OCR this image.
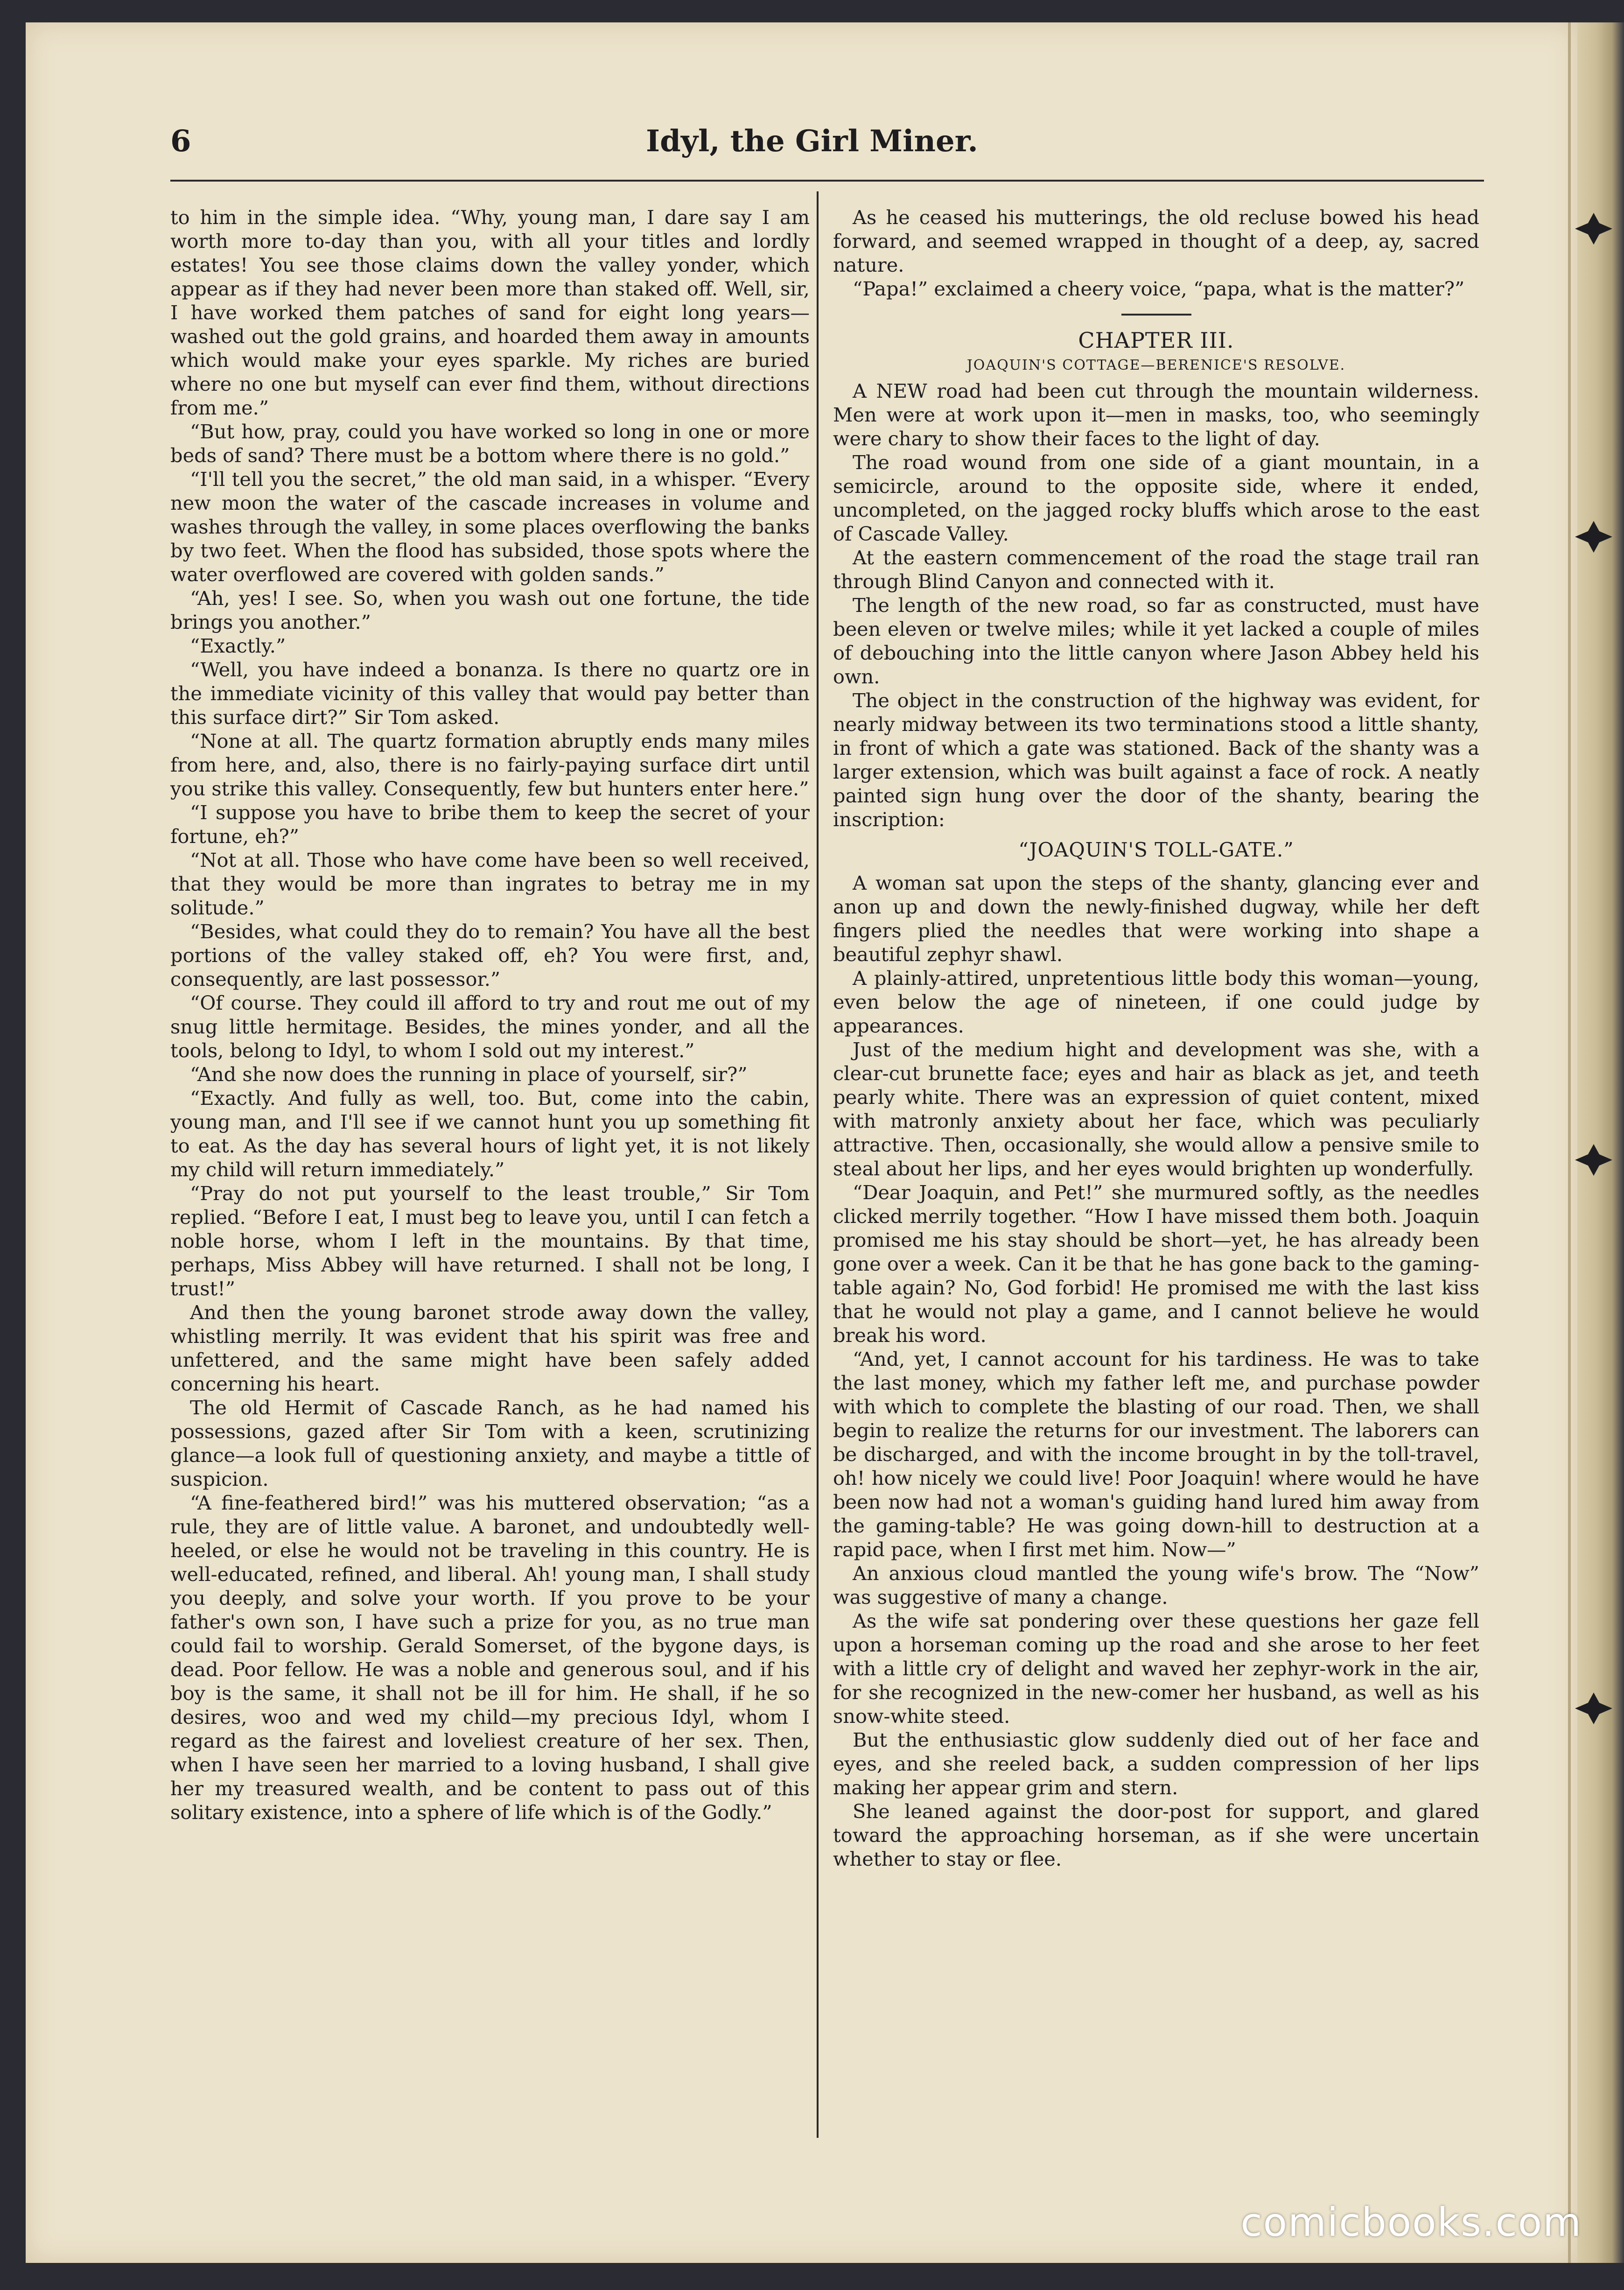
6	Idyl, the Girl Miner.

to him in the simple idea. “Why, young man, I dare say I am worth more to-day than you, with all your titles and lordly estates! You see those claims down the valley yonder, which appear as if they had never been more than staked off. Well, sir, I have worked them patches of sand for eight long years—washed out the gold grains, and hoarded them away in amounts which would make your eyes sparkle. My riches are buried where no one but myself can ever find them, without directions from me.”

“But how, pray, could you have worked so long in one or more beds of sand? There must be a bottom where there is no gold.”

“I'll tell you the secret,” the old man said, in a whisper. “Every new moon the water of the cascade increases in volume and washes through the valley, in some places overflowing the banks by two feet. When the flood has subsided, those spots where the water overflowed are covered with golden sands.”

“Ah, yes! I see. So, when you wash out one fortune, the tide brings you another.”

“Exactly.”

“Well, you have indeed a bonanza. Is there no quartz ore in the immediate vicinity of this valley that would pay better than this surface dirt?” Sir Tom asked.

“None at all. The quartz formation abruptly ends many miles from here, and, also, there is no fairly-paying surface dirt until you strike this valley. Consequently, few but hunters enter here.”

“I suppose you have to bribe them to keep the secret of your fortune, eh?”

“Not at all. Those who have come have been so well received, that they would be more than ingrates to betray me in my solitude.”

“Besides, what could they do to remain? You have all the best portions of the valley staked off, eh? You were first, and, consequently, are last possessor.”

“Of course. They could ill afford to try and rout me out of my snug little hermitage. Besides, the mines yonder, and all the tools, belong to Idyl, to whom I sold out my interest.”

“And she now does the running in place of yourself, sir?”

“Exactly. And fully as well, too. But, come into the cabin, young man, and I'll see if we cannot hunt you up something fit to eat. As the day has several hours of light yet, it is not likely my child will return immediately.”

“Pray do not put yourself to the least trouble,” Sir Tom replied. “Before I eat, I must beg to leave you, until I can fetch a noble horse, whom I left in the mountains. By that time, perhaps, Miss Abbey will have returned. I shall not be long, I trust!”

And then the young baronet strode away down the valley, whistling merrily. It was evident that his spirit was free and unfettered, and the same might have been safely added concerning his heart.

The old Hermit of Cascade Ranch, as he had named his possessions, gazed after Sir Tom with a keen, scrutinizing glance—a look full of questioning anxiety, and maybe a tittle of suspicion.

“A fine-feathered bird!” was his muttered observation; “as a rule, they are of little value. A baronet, and undoubtedly well-heeled, or else he would not be traveling in this country. He is well-educated, refined, and liberal. Ah! young man, I shall study you deeply, and solve your worth. If you prove to be your father's own son, I have such a prize for you, as no true man could fail to worship. Gerald Somerset, of the bygone days, is dead. Poor fellow. He was a noble and generous soul, and if his boy is the same, it shall not be ill for him. He shall, if he so desires, woo and wed my child—my precious Idyl, whom I regard as the fairest and loveliest creature of her sex. Then, when I have seen her married to a loving husband, I shall give her my treasured wealth, and be content to pass out of this solitary existence, into a sphere of life which is of the Godly.”

As he ceased his mutterings, the old recluse bowed his head forward, and seemed wrapped in thought of a deep, ay, sacred nature.

“Papa!” exclaimed a cheery voice, “papa, what is the matter?”

CHAPTER III.
JOAQUIN'S COTTAGE—BERENICE'S RESOLVE.

A NEW road had been cut through the mountain wilderness. Men were at work upon it—men in masks, too, who seemingly were chary to show their faces to the light of day.

The road wound from one side of a giant mountain, in a semicircle, around to the opposite side, where it ended, uncompleted, on the jagged rocky bluffs which arose to the east of Cascade Valley.

At the eastern commencement of the road the stage trail ran through Blind Canyon and connected with it.

The length of the new road, so far as constructed, must have been eleven or twelve miles; while it yet lacked a couple of miles of debouching into the little canyon where Jason Abbey held his own.

The object in the construction of the highway was evident, for nearly midway between its two terminations stood a little shanty, in front of which a gate was stationed. Back of the shanty was a larger extension, which was built against a face of rock. A neatly painted sign hung over the door of the shanty, bearing the inscription:

“JOAQUIN'S TOLL-GATE.”

A woman sat upon the steps of the shanty, glancing ever and anon up and down the newly-finished dugway, while her deft fingers plied the needles that were working into shape a beautiful zephyr shawl.

A plainly-attired, unpretentious little body this woman—young, even below the age of nineteen, if one could judge by appearances.

Just of the medium hight and development was she, with a clear-cut brunette face; eyes and hair as black as jet, and teeth pearly white. There was an expression of quiet content, mixed with matronly anxiety about her face, which was peculiarly attractive. Then, occasionally, she would allow a pensive smile to steal about her lips, and her eyes would brighten up wonderfully.

“Dear Joaquin, and Pet!” she murmured softly, as the needles clicked merrily together. “How I have missed them both. Joaquin promised me his stay should be short—yet, he has already been gone over a week. Can it be that he has gone back to the gaming-table again? No, God forbid! He promised me with the last kiss that he would not play a game, and I cannot believe he would break his word.

“And, yet, I cannot account for his tardiness. He was to take the last money, which my father left me, and purchase powder with which to complete the blasting of our road. Then, we shall begin to realize the returns for our investment. The laborers can be discharged, and with the income brought in by the toll-travel, oh! how nicely we could live! Poor Joaquin! where would he have been now had not a woman's guiding hand lured him away from the gaming-table? He was going down-hill to destruction at a rapid pace, when I first met him. Now—”

An anxious cloud mantled the young wife's brow. The “Now” was suggestive of many a change.

As the wife sat pondering over these questions her gaze fell upon a horseman coming up the road and she arose to her feet with a little cry of delight and waved her zephyr-work in the air, for she recognized in the new-comer her husband, as well as his snow-white steed.

But the enthusiastic glow suddenly died out of her face and eyes, and she reeled back, a sudden compression of her lips making her appear grim and stern.

She leaned against the door-post for support, and glared toward the approaching horseman, as if she were uncertain whether to stay or flee.

comicbooks.com
